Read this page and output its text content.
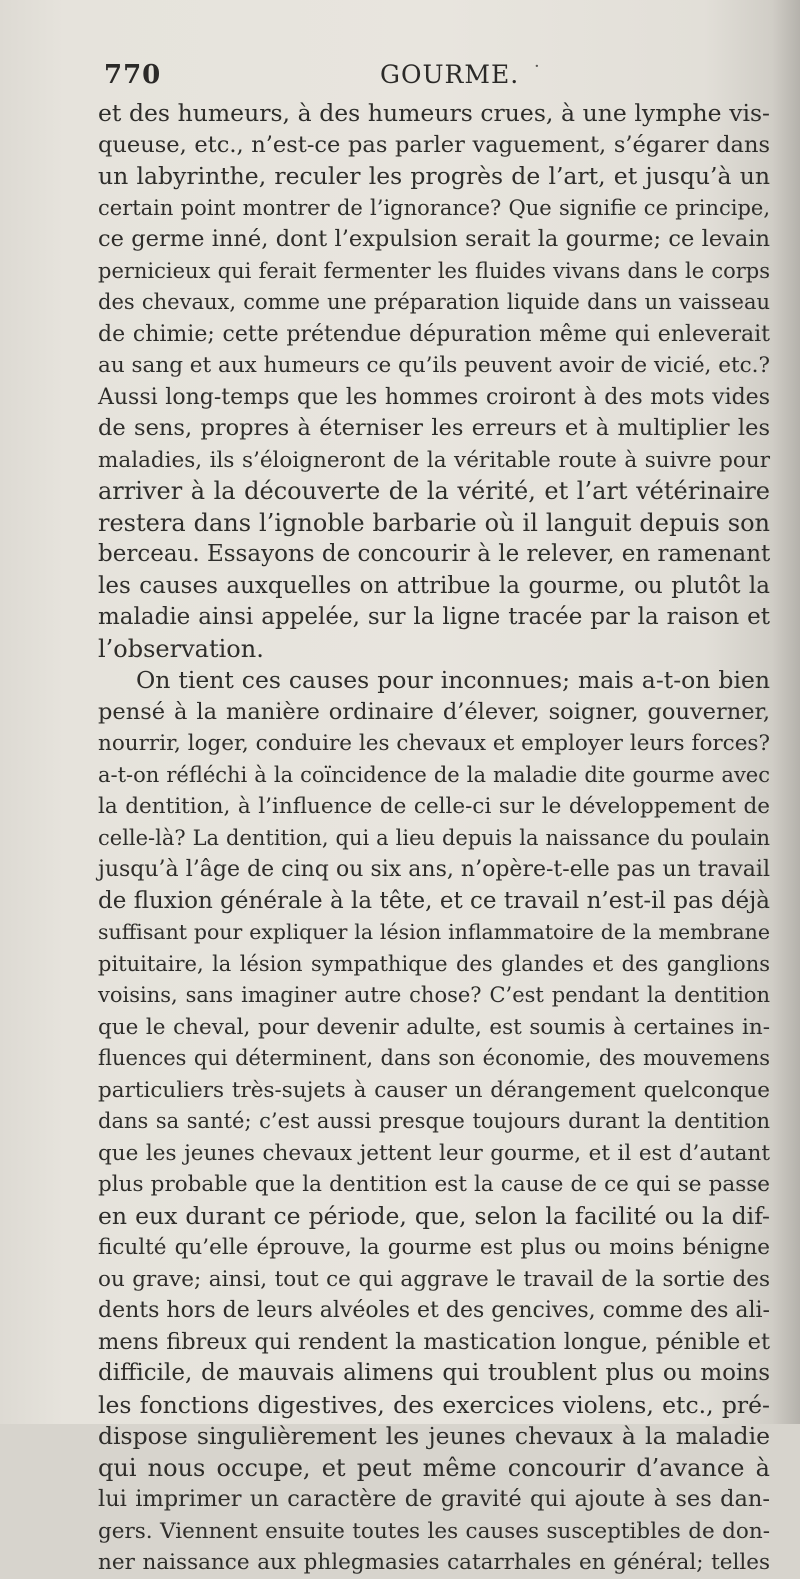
770	GOURME. ·
et des humeurs, à des humeurs crues, à une lymphe vis-
queuse, etc., n’est-ce pas parler vaguement, s’égarer dans
un labyrinthe, reculer les progrès de l’art, et jusqu’à un
certain point montrer de l’ignorance? Que signifie ce principe,
ce germe inné, dont l’expulsion serait la gourme; ce levain
pernicieux qui ferait fermenter les fluides vivans dans le corps
des chevaux, comme une préparation liquide dans un vaisseau
de chimie; cette prétendue dépuration même qui enleverait
au sang et aux humeurs ce qu’ils peuvent avoir de vicié, etc.?
Aussi long-temps que les hommes croiront à des mots vides
de sens, propres à éterniser les erreurs et à multiplier les
maladies, ils s’éloigneront de la véritable route à suivre pour
arriver à la découverte de la vérité, et l’art vétérinaire
restera dans l’ignoble barbarie où il languit depuis son
berceau. Essayons de concourir à le relever, en ramenant
les causes auxquelles on attribue la gourme, ou plutôt la
maladie ainsi appelée, sur la ligne tracée par la raison et
l’observation.
On tient ces causes pour inconnues; mais a-t-on bien
pensé à la manière ordinaire d’élever, soigner, gouverner,
nourrir, loger, conduire les chevaux et employer leurs forces?
a-t-on réfléchi à la coïncidence de la maladie dite gourme avec
la dentition, à l’influence de celle-ci sur le développement de
celle-là? La dentition, qui a lieu depuis la naissance du poulain
jusqu’à l’âge de cinq ou six ans, n’opère-t-elle pas un travail
de fluxion générale à la tête, et ce travail n’est-il pas déjà
suffisant pour expliquer la lésion inflammatoire de la membrane
pituitaire, la lésion sympathique des glandes et des ganglions
voisins, sans imaginer autre chose? C’est pendant la dentition
que le cheval, pour devenir adulte, est soumis à certaines in-
fluences qui déterminent, dans son économie, des mouvemens
particuliers très-sujets à causer un dérangement quelconque
dans sa santé; c’est aussi presque toujours durant la dentition
que les jeunes chevaux jettent leur gourme, et il est d’autant
plus probable que la dentition est la cause de ce qui se passe
en eux durant ce période, que, selon la facilité ou la dif-
ficulté qu’elle éprouve, la gourme est plus ou moins bénigne
ou grave; ainsi, tout ce qui aggrave le travail de la sortie des
dents hors de leurs alvéoles et des gencives, comme des ali-
mens fibreux qui rendent la mastication longue, pénible et
difficile, de mauvais alimens qui troublent plus ou moins
les fonctions digestives, des exercices violens, etc., pré-
dispose singulièrement les jeunes chevaux à la maladie
qui nous occupe, et peut même concourir d’avance à
lui imprimer un caractère de gravité qui ajoute à ses dan-
gers. Viennent ensuite toutes les causes susceptibles de don-
ner naissance aux phlegmasies catarrhales en général; telles
